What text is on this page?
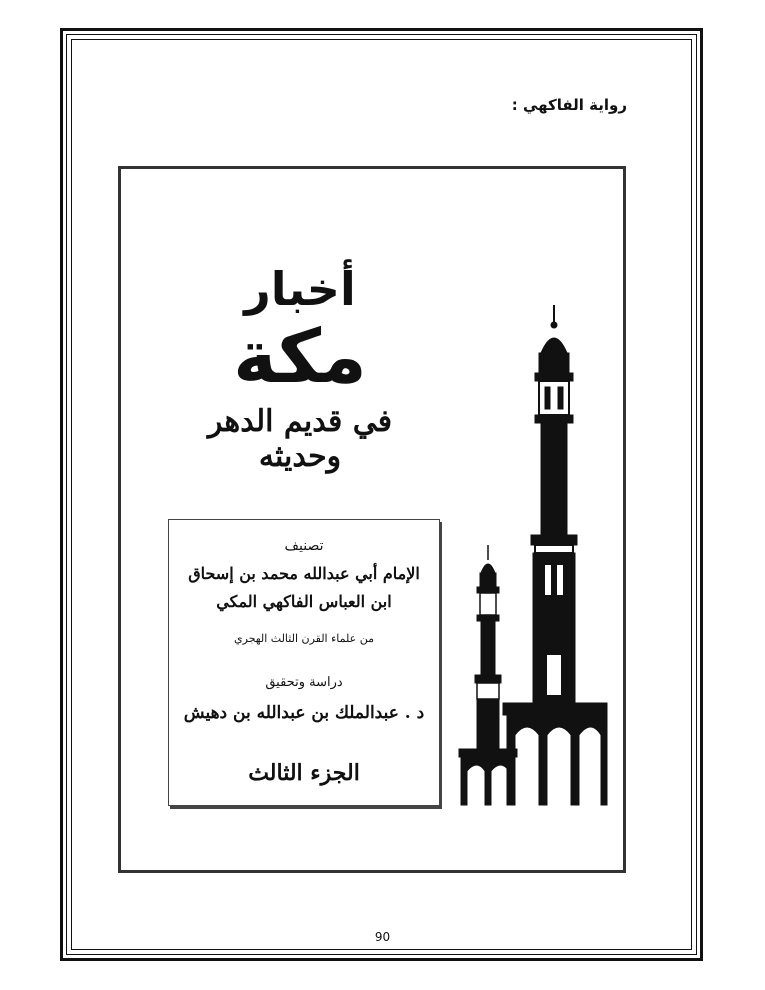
رواية الفاكهي :
أخبار
مكة
في قديم الدهر وحديثه
تصنيف
الإمام أبي عبدالله محمد بن إسحاق
ابن العباس الفاكهي المكي
من علماء القرن الثالث الهجري
دراسة وتحقيق
د . عبدالملك بن عبدالله بن دهيش
الجزء الثالث
90
